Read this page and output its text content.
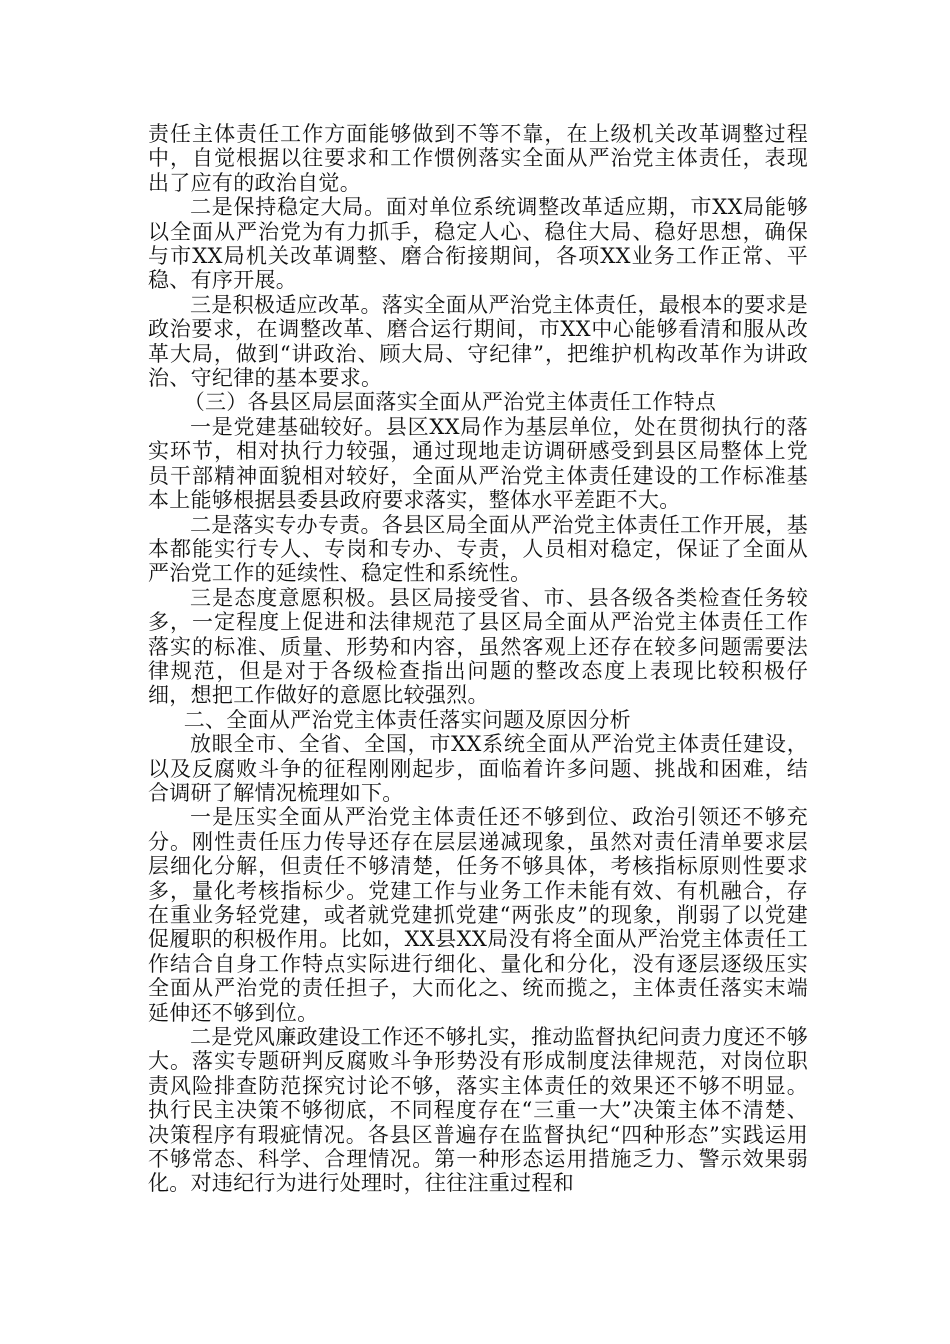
责任主体责任工作方面能够做到不等不靠，在上级机关改革调整过程中，自觉根据以往要求和工作惯例落实全面从严治党主体责任，表现出了应有的政治自觉。

二是保持稳定大局。面对单位系统调整改革适应期，市XX局能够以全面从严治党为有力抓手，稳定人心、稳住大局、稳好思想，确保与市XX局机关改革调整、磨合衔接期间，各项XX业务工作正常、平稳、有序开展。

三是积极适应改革。落实全面从严治党主体责任，最根本的要求是政治要求，在调整改革、磨合运行期间，市XX中心能够看清和服从改革大局，做到“讲政治、顾大局、守纪律”，把维护机构改革作为讲政治、守纪律的基本要求。

（三）各县区局层面落实全面从严治党主体责任工作特点

一是党建基础较好。县区XX局作为基层单位，处在贯彻执行的落实环节，相对执行力较强，通过现地走访调研感受到县区局整体上党员干部精神面貌相对较好，全面从严治党主体责任建设的工作标准基本上能够根据县委县政府要求落实，整体水平差距不大。

二是落实专办专责。各县区局全面从严治党主体责任工作开展，基本都能实行专人、专岗和专办、专责，人员相对稳定，保证了全面从严治党工作的延续性、稳定性和系统性。

三是态度意愿积极。县区局接受省、市、县各级各类检查任务较多，一定程度上促进和法律规范了县区局全面从严治党主体责任工作落实的标准、质量、形势和内容，虽然客观上还存在较多问题需要法律规范，但是对于各级检查指出问题的整改态度上表现比较积极仔细，想把工作做好的意愿比较强烈。

二、全面从严治党主体责任落实问题及原因分析

放眼全市、全省、全国，市XX系统全面从严治党主体责任建设，以及反腐败斗争的征程刚刚起步，面临着许多问题、挑战和困难，结合调研了解情况梳理如下。

一是压实全面从严治党主体责任还不够到位、政治引领还不够充分。刚性责任压力传导还存在层层递减现象，虽然对责任清单要求层层细化分解，但责任不够清楚，任务不够具体，考核指标原则性要求多，量化考核指标少。党建工作与业务工作未能有效、有机融合，存在重业务轻党建，或者就党建抓党建“两张皮”的现象，削弱了以党建促履职的积极作用。比如，XX县XX局没有将全面从严治党主体责任工作结合自身工作特点实际进行细化、量化和分化，没有逐层逐级压实全面从严治党的责任担子，大而化之、统而揽之，主体责任落实末端延伸还不够到位。

二是党风廉政建设工作还不够扎实，推动监督执纪问责力度还不够大。落实专题研判反腐败斗争形势没有形成制度法律规范，对岗位职责风险排查防范探究讨论不够，落实主体责任的效果还不够不明显。执行民主决策不够彻底，不同程度存在“三重一大”决策主体不清楚、决策程序有瑕疵情况。各县区普遍存在监督执纪“四种形态”实践运用不够常态、科学、合理情况。第一种形态运用措施乏力、警示效果弱化。对违纪行为进行处理时，往往注重过程和
